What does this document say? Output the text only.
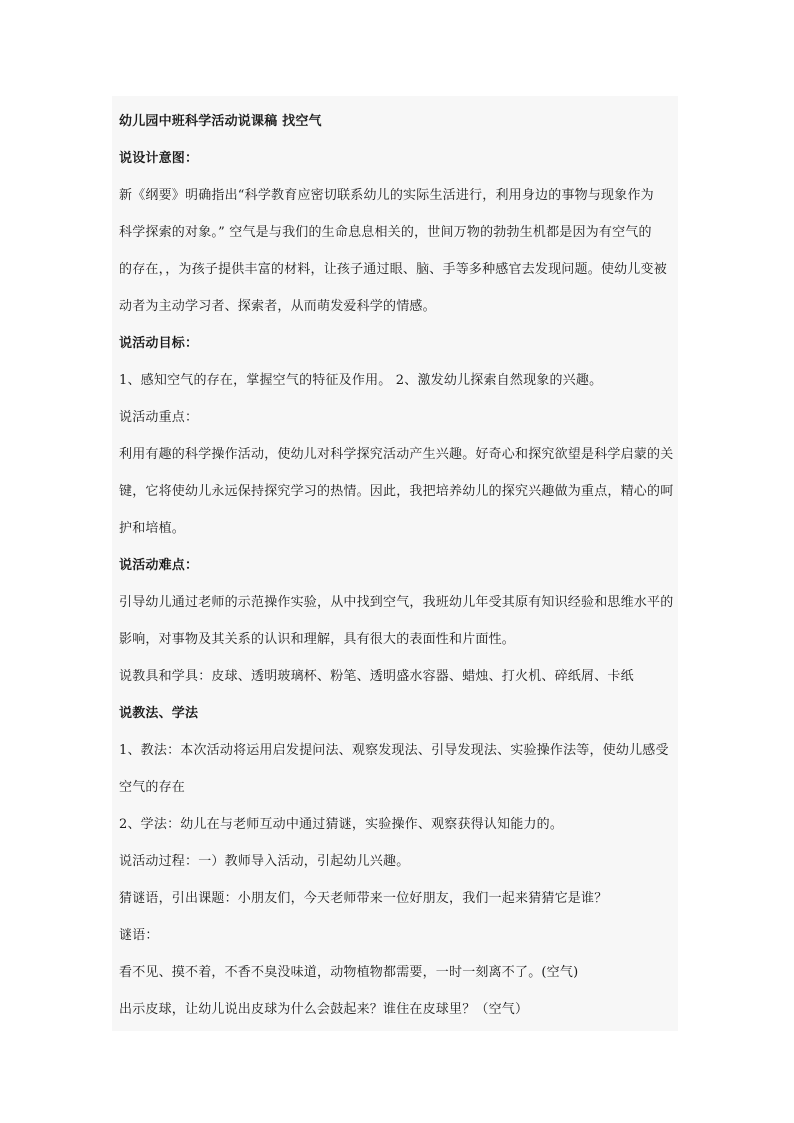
幼儿园中班科学活动说课稿 找空气

说设计意图：

新《纲要》明确指出“科学教育应密切联系幼儿的实际生活进行，利用身边的事物与现象作为

科学探索的对象。” 空气是与我们的生命息息相关的，世间万物的勃勃生机都是因为有空气的

的存在，，为孩子提供丰富的材料，让孩子通过眼、脑、手等多种感官去发现问题。使幼儿变被

动者为主动学习者、探索者，从而萌发爱科学的情感。

说活动目标：

1、感知空气的存在，掌握空气的特征及作用。 2、激发幼儿探索自然现象的兴趣。

说活动重点：

利用有趣的科学操作活动，使幼儿对科学探究活动产生兴趣。好奇心和探究欲望是科学启蒙的关

键，它将使幼儿永远保持探究学习的热情。因此，我把培养幼儿的探究兴趣做为重点，精心的呵

护和培植。

说活动难点：

引导幼儿通过老师的示范操作实验，从中找到空气，我班幼儿年受其原有知识经验和思维水平的

影响，对事物及其关系的认识和理解，具有很大的表面性和片面性。

说教具和学具：皮球、透明玻璃杯、粉笔、透明盛水容器、蜡烛、打火机、碎纸屑、卡纸

说教法、学法

1、教法：本次活动将运用启发提问法、观察发现法、引导发现法、实验操作法等，使幼儿感受

空气的存在

2、学法：幼儿在与老师互动中通过猜谜，实验操作、观察获得认知能力的。

说活动过程：一）教师导入活动，引起幼儿兴趣。

猜谜语，引出课题：小朋友们，今天老师带来一位好朋友，我们一起来猜猜它是谁？

谜语：

看不见、摸不着，不香不臭没味道，动物植物都需要，一时一刻离不了。(空气)

出示皮球，让幼儿说出皮球为什么会鼓起来？谁住在皮球里？（空气）
